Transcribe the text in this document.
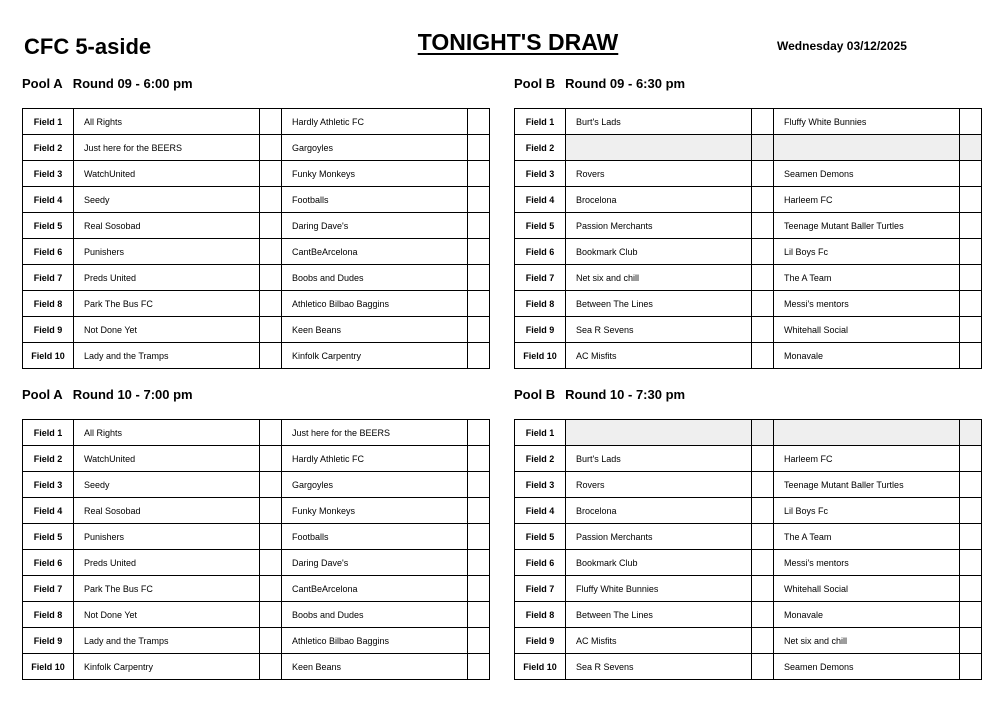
CFC 5-aside	TONIGHT'S DRAW	Wednesday 03/12/2025
Pool A Round 09 - 6:00 pm
Field 1	All Rights		Hardly Athletic FC	
Field 2	Just here for the BEERS		Gargoyles	
Field 3	WatchUnited		Funky Monkeys	
Field 4	Seedy		Footballs	
Field 5	Real Sosobad		Daring Dave's	
Field 6	Punishers		CantBeArcelona	
Field 7	Preds United		Boobs and Dudes	
Field 8	Park The Bus FC		Athletico Bilbao Baggins	
Field 9	Not Done Yet		Keen Beans	
Field 10	Lady and the Tramps		Kinfolk Carpentry	
Pool B Round 09 - 6:30 pm
Field 1	Burt's Lads		Fluffy White Bunnies	
Field 2				
Field 3	Rovers		Seamen Demons	
Field 4	Brocelona		Harleem FC	
Field 5	Passion Merchants		Teenage Mutant Baller Turtles	
Field 6	Bookmark Club		Lil Boys Fc	
Field 7	Net six and chill		The A Team	
Field 8	Between The Lines		Messi's mentors	
Field 9	Sea R Sevens		Whitehall Social	
Field 10	AC Misfits		Monavale	
Pool A Round 10 - 7:00 pm
Field 1	All Rights		Just here for the BEERS	
Field 2	WatchUnited		Hardly Athletic FC	
Field 3	Seedy		Gargoyles	
Field 4	Real Sosobad		Funky Monkeys	
Field 5	Punishers		Footballs	
Field 6	Preds United		Daring Dave's	
Field 7	Park The Bus FC		CantBeArcelona	
Field 8	Not Done Yet		Boobs and Dudes	
Field 9	Lady and the Tramps		Athletico Bilbao Baggins	
Field 10	Kinfolk Carpentry		Keen Beans	
Pool B Round 10 - 7:30 pm
Field 1				
Field 2	Burt's Lads		Harleem FC	
Field 3	Rovers		Teenage Mutant Baller Turtles	
Field 4	Brocelona		Lil Boys Fc	
Field 5	Passion Merchants		The A Team	
Field 6	Bookmark Club		Messi's mentors	
Field 7	Fluffy White Bunnies		Whitehall Social	
Field 8	Between The Lines		Monavale	
Field 9	AC Misfits		Net six and chill	
Field 10	Sea R Sevens		Seamen Demons	
